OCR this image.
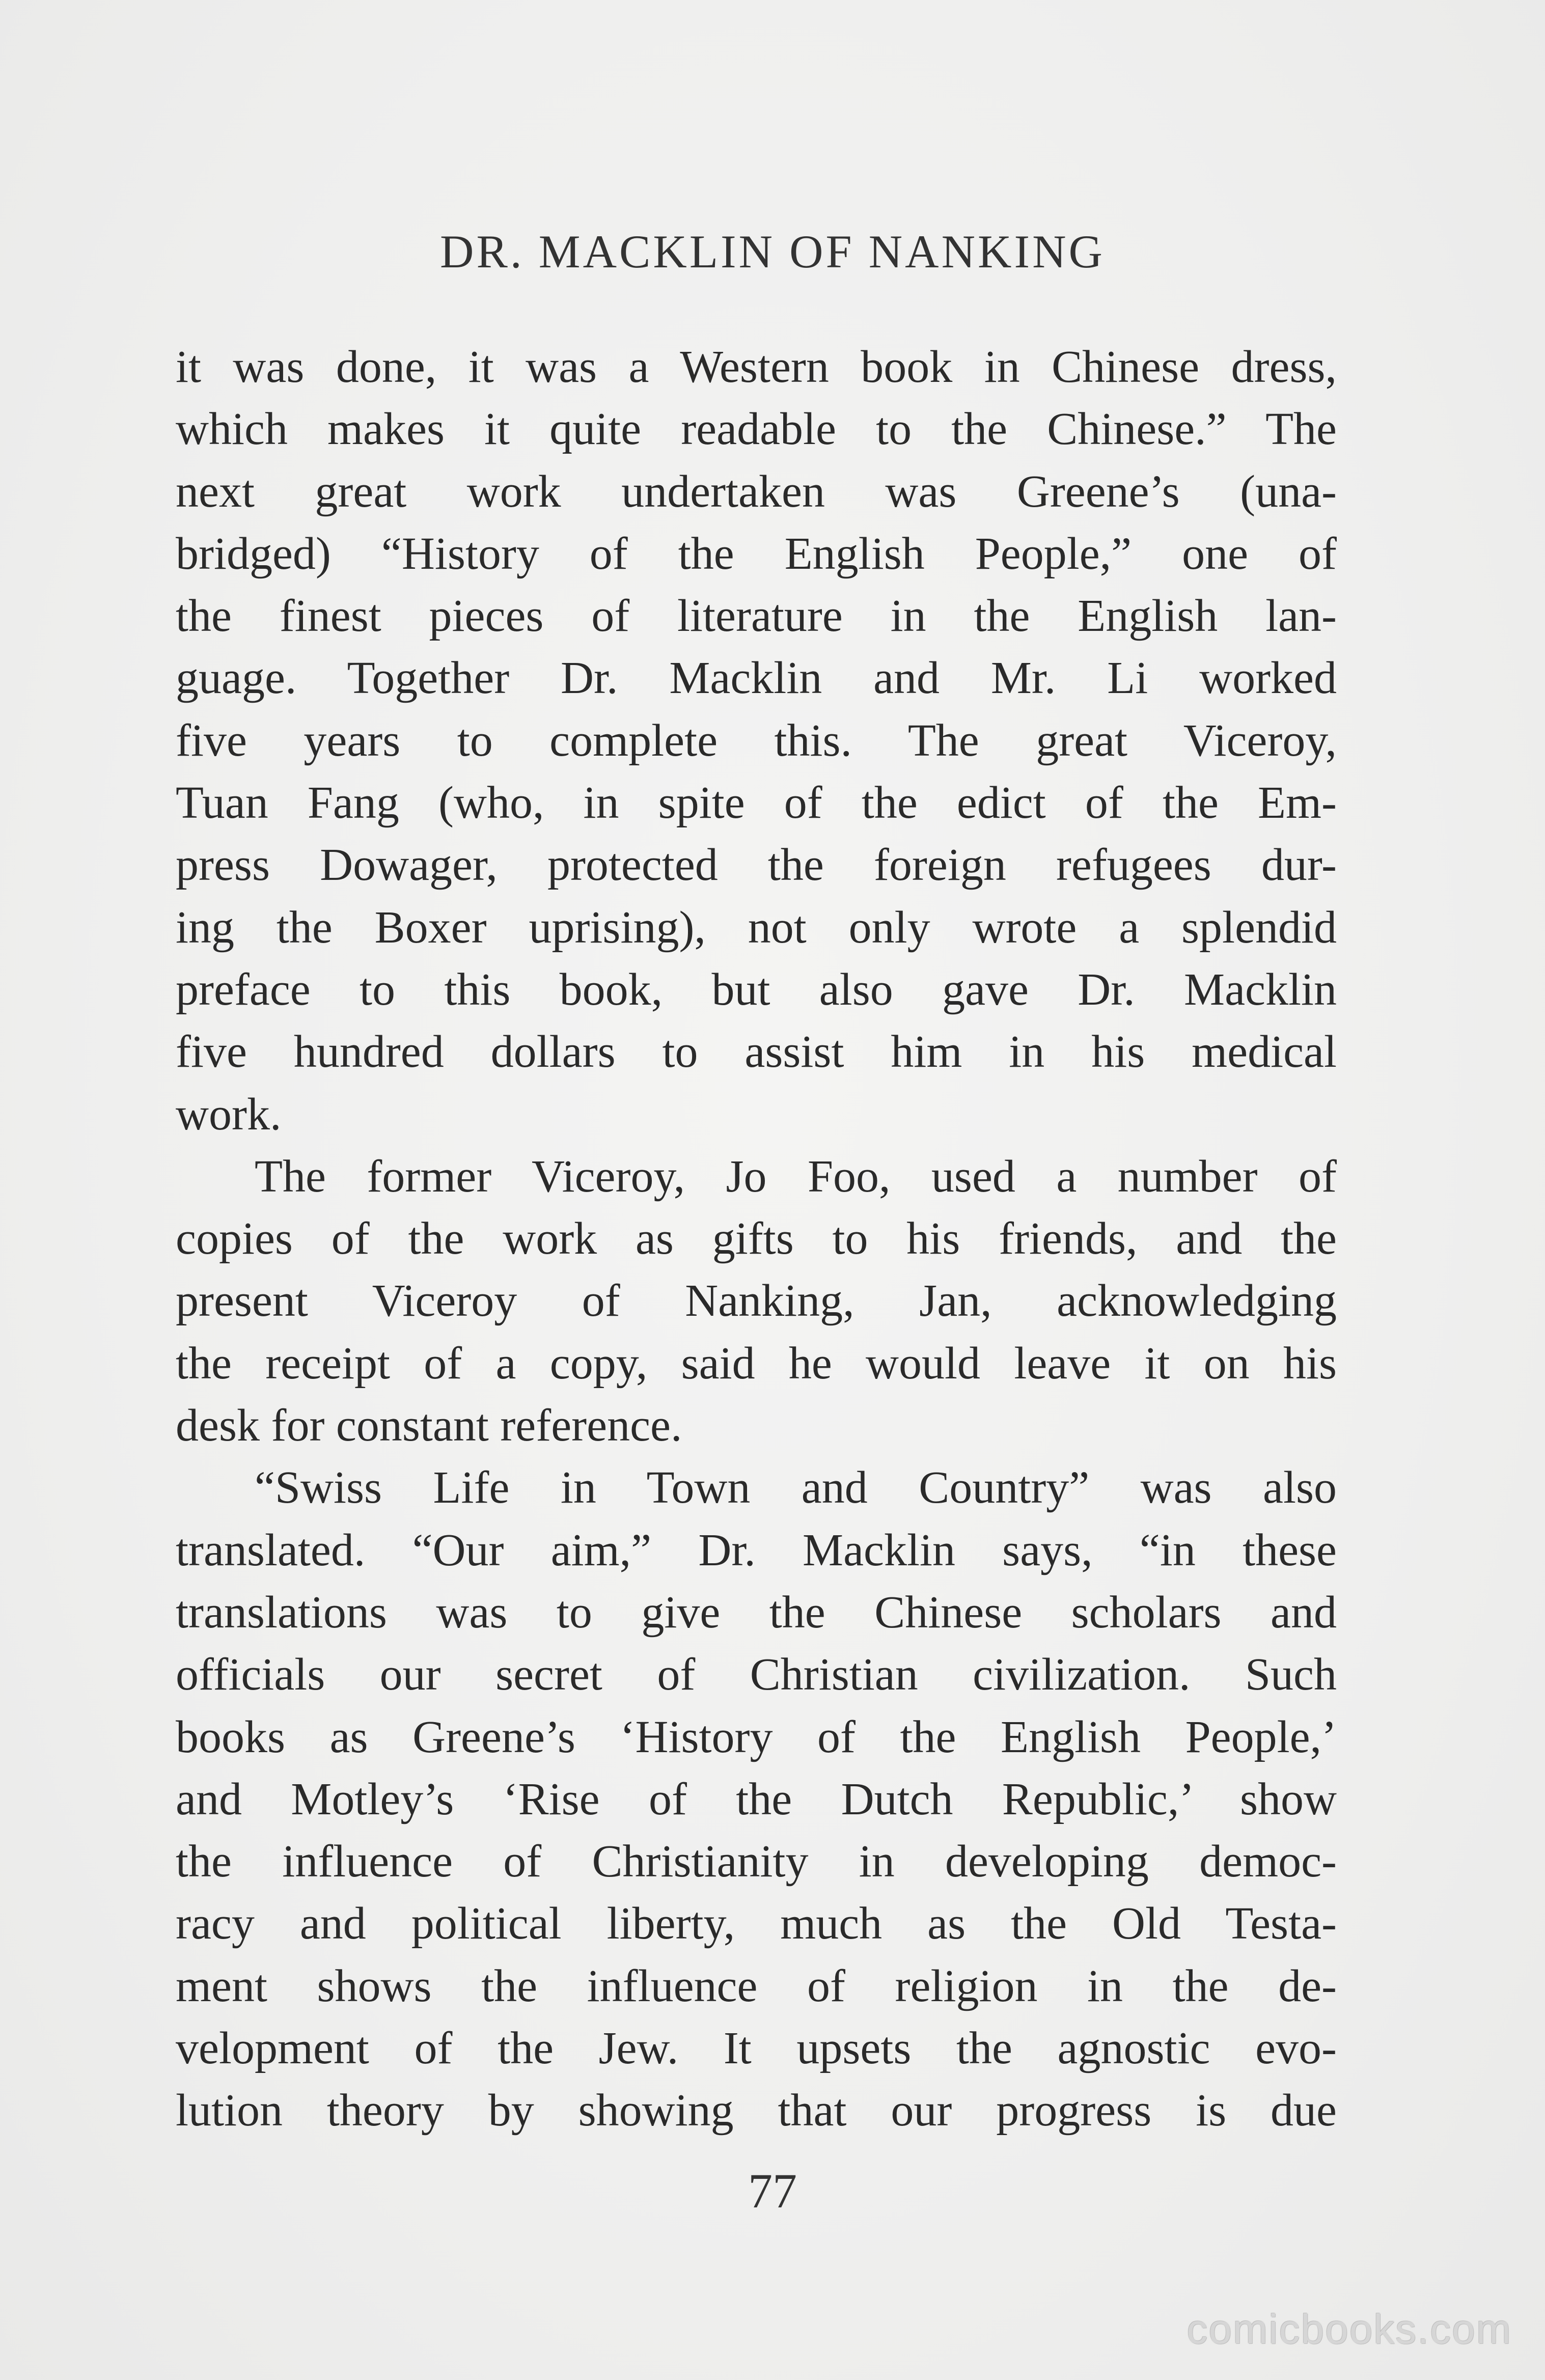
DR. MACKLIN OF NANKING
it was done, it was a Western book in Chinese dress,
which makes it quite readable to the Chinese.” The
next great work undertaken was Greene’s (una-
bridged) “History of the English People,” one of
the finest pieces of literature in the English lan-
guage. Together Dr. Macklin and Mr. Li worked
five years to complete this. The great Viceroy,
Tuan Fang (who, in spite of the edict of the Em-
press Dowager, protected the foreign refugees dur-
ing the Boxer uprising), not only wrote a splendid
preface to this book, but also gave Dr. Macklin
five hundred dollars to assist him in his medical
work.
The former Viceroy, Jo Foo, used a number of
copies of the work as gifts to his friends, and the
present Viceroy of Nanking, Jan, acknowledging
the receipt of a copy, said he would leave it on his
desk for constant reference.
“Swiss Life in Town and Country” was also
translated. “Our aim,” Dr. Macklin says, “in these
translations was to give the Chinese scholars and
officials our secret of Christian civilization. Such
books as Greene’s ‘History of the English People,’
and Motley’s ‘Rise of the Dutch Republic,’ show
the influence of Christianity in developing democ-
racy and political liberty, much as the Old Testa-
ment shows the influence of religion in the de-
velopment of the Jew. It upsets the agnostic evo-
lution theory by showing that our progress is due
77
comicbooks.com
